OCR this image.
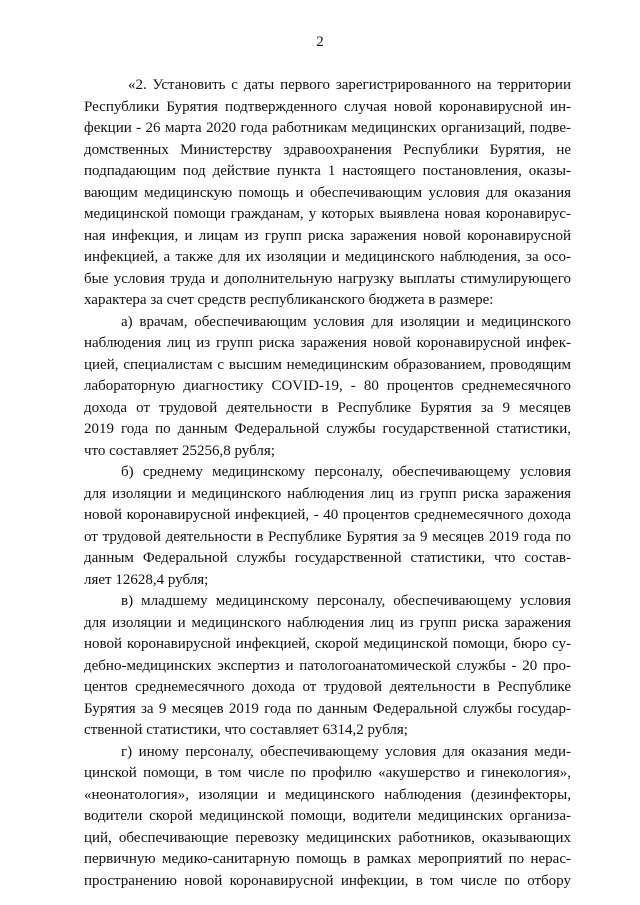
2
«2. Установить с даты первого зарегистрированного на территории
Республики Бурятия подтвержденного случая новой коронавирусной ин-
фекции - 26 марта 2020 года работникам медицинских организаций, подве-
домственных Министерству здравоохранения Республики Бурятия, не
подпадающим под действие пункта 1 настоящего постановления, оказы-
вающим медицинскую помощь и обеспечивающим условия для оказания
медицинской помощи гражданам, у которых выявлена новая коронавирус-
ная инфекция, и лицам из групп риска заражения новой коронавирусной
инфекцией, а также для их изоляции и медицинского наблюдения, за осо-
бые условия труда и дополнительную нагрузку выплаты стимулирующего
характера за счет средств республиканского бюджета в размере:
а) врачам, обеспечивающим условия для изоляции и медицинского
наблюдения лиц из групп риска заражения новой коронавирусной инфек-
цией, специалистам с высшим немедицинским образованием, проводящим
лабораторную диагностику COVID-19, - 80 процентов среднемесячного
дохода от трудовой деятельности в Республике Бурятия за 9 месяцев
2019 года по данным Федеральной службы государственной статистики,
что составляет 25256,8 рубля;
б) среднему медицинскому персоналу, обеспечивающему условия
для изоляции и медицинского наблюдения лиц из групп риска заражения
новой коронавирусной инфекцией, - 40 процентов среднемесячного дохода
от трудовой деятельности в Республике Бурятия за 9 месяцев 2019 года по
данным Федеральной службы государственной статистики, что состав-
ляет 12628,4 рубля;
в) младшему медицинскому персоналу, обеспечивающему условия
для изоляции и медицинского наблюдения лиц из групп риска заражения
новой коронавирусной инфекцией, скорой медицинской помощи, бюро су-
дебно-медицинских экспертиз и патологоанатомической службы - 20 про-
центов среднемесячного дохода от трудовой деятельности в Республике
Бурятия за 9 месяцев 2019 года по данным Федеральной службы государ-
ственной статистики, что составляет 6314,2 рубля;
г) иному персоналу, обеспечивающему условия для оказания меди-
цинской помощи, в том числе по профилю «акушерство и гинекология»,
«неонатология», изоляции и медицинского наблюдения (дезинфекторы,
водители скорой медицинской помощи, водители медицинских организа-
ций, обеспечивающие перевозку медицинских работников, оказывающих
первичную медико-санитарную помощь в рамках мероприятий по нерас-
пространению новой коронавирусной инфекции, в том числе по отбору
